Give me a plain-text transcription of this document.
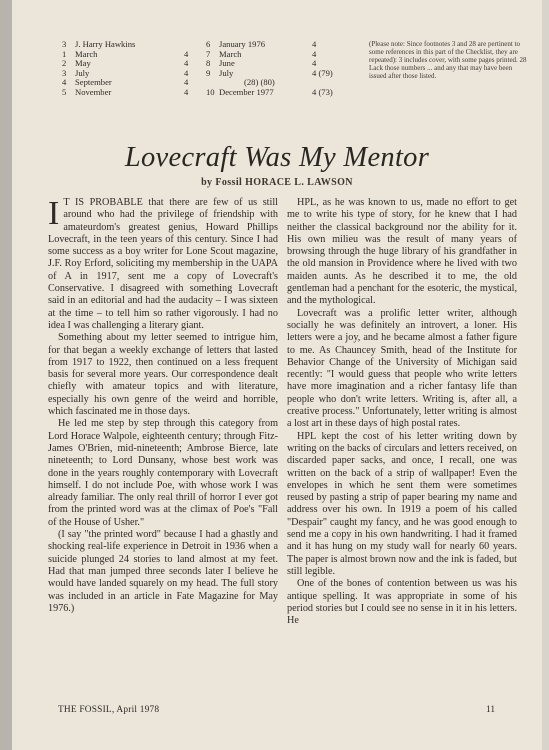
3 J. Harry Hawkins
1 March	4
2 May	4
3 July	4
4 September	4
5 November	4
6 January 1976	4
7 March	4
8 June	4
9 July	4 (79)
(28) (80)
10 December 1977	4 (73)
(Please note: Since footnotes 3 and 28 are pertinent to some references in this part of the Checklist, they are repeated): 3 includes cover, with some pages printed. 28 Lack those numbers ... and any that may have been issued after those listed.
Lovecraft Was My Mentor
by Fossil HORACE L. LAWSON

I T IS PROBABLE that there are few of us still around who had the privilege of friendship with amateurdom's greatest genius, Howard Phillips Lovecraft, in the teen years of this century. Since I had some success as a boy writer for Lone Scout magazine, J.F. Roy Erford, soliciting my membership in the UAPA of A in 1917, sent me a copy of Lovecraft's Conservative. I disagreed with something Lovecraft said in an editorial and had the audacity – I was sixteen at the time – to tell him so rather vigorously. I had no idea I was challenging a literary giant.

Something about my letter seemed to intrigue him, for that began a weekly exchange of letters that lasted from 1917 to 1922, then continued on a less frequent basis for several more years. Our correspondence dealt chiefly with amateur topics and with literature, especially his own genre of the weird and horrible, which fascinated me in those days.

He led me step by step through this category from Lord Horace Walpole, eighteenth century; through Fitz-James O'Brien, mid-nineteenth; Ambrose Bierce, late nineteenth; to Lord Dunsany, whose best work was done in the years roughly contemporary with Lovecraft himself. I do not include Poe, with whose work I was already familiar. The only real thrill of horror I ever got from the printed word was at the climax of Poe's "Fall of the House of Usher."

(I say "the printed word" because I had a ghastly and shocking real-life experience in Detroit in 1936 when a suicide plunged 24 stories to land almost at my feet. Had that man jumped three seconds later I believe he would have landed squarely on my head. The full story was included in an article in Fate Magazine for May 1976.)

HPL, as he was known to us, made no effort to get me to write his type of story, for he knew that I had neither the classical background nor the ability for it. His own milieu was the result of many years of browsing through the huge library of his grandfather in the old mansion in Providence where he lived with two maiden aunts. As he described it to me, the old gentleman had a penchant for the esoteric, the mystical, and the mythological.

Lovecraft was a prolific letter writer, although socially he was definitely an introvert, a loner. His letters were a joy, and he became almost a father figure to me. As Chauncey Smith, head of the Institute for Behavior Change of the University of Michigan said recently: "I would guess that people who write letters have more imagination and a richer fantasy life than people who don't write letters. Writing is, after all, a creative process." Unfortunately, letter writing is almost a lost art in these days of high postal rates.

HPL kept the cost of his letter writing down by writing on the backs of circulars and letters received, on discarded paper sacks, and once, I recall, one was written on the back of a strip of wallpaper! Even the envelopes in which he sent them were sometimes reused by pasting a strip of paper bearing my name and address over his own. In 1919 a poem of his called "Despair" caught my fancy, and he was good enough to send me a copy in his own handwriting. I had it framed and it has hung on my study wall for nearly 60 years. The paper is almost brown now and the ink is faded, but still legible.

One of the bones of contention between us was his antique spelling. It was appropriate in some of his period stories but I could see no sense in it in his letters. He

THE FOSSIL, April 1978	11
